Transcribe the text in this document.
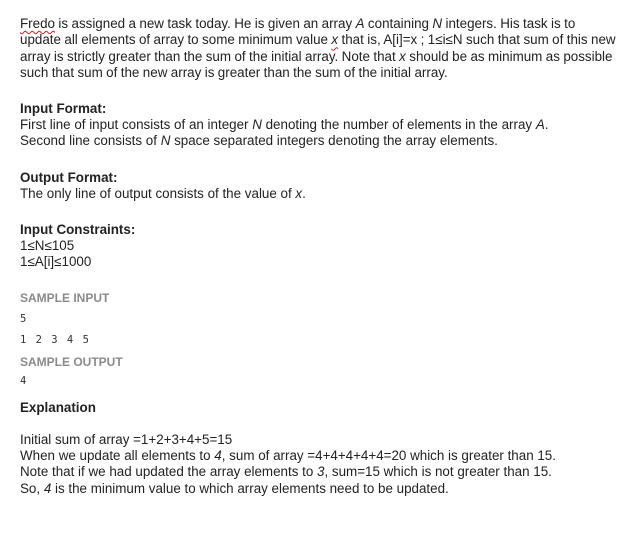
Fredo is assigned a new task today. He is given an array A containing N integers. His task is to update all elements of array to some minimum value x that is, A[i]=x ; 1≤i≤N such that sum of this new array is strictly greater than the sum of the initial array. Note that x should be as minimum as possible such that sum of the new array is greater than the sum of the initial array.

Input Format:

First line of input consists of an integer N denoting the number of elements in the array A.

Second line consists of N space separated integers denoting the array elements.

Output Format:

The only line of output consists of the value of x.

Input Constraints:

1≤N≤105

1≤A[i]≤1000

SAMPLE INPUT

5

1 2 3 4 5

SAMPLE OUTPUT

4

Explanation

Initial sum of array =1+2+3+4+5=15

When we update all elements to 4, sum of array =4+4+4+4+4=20 which is greater than 15.

Note that if we had updated the array elements to 3, sum=15 which is not greater than 15.

So, 4 is the minimum value to which array elements need to be updated.
